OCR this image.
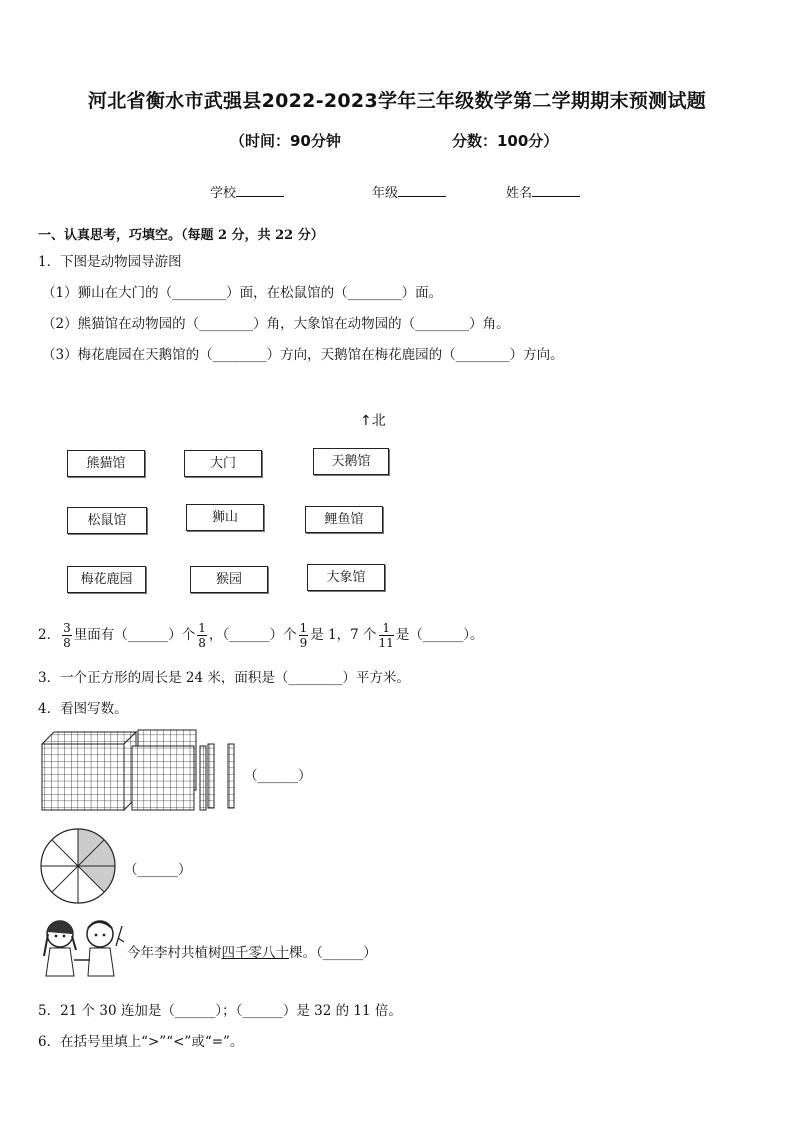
河北省衡水市武强县2022-2023学年三年级数学第二学期期末预测试题
（时间：90分钟	分数：100分）
学校	年级	姓名
一、认真思考，巧填空。（每题 2 分，共 22 分）
1．下图是动物园导游图
（1）狮山在大门的（________）面，在松鼠馆的（________）面。
（2）熊猫馆在动物园的（________）角，大象馆在动物园的（________）角。
（3）梅花鹿园在天鹅馆的（________）方向，天鹅馆在梅花鹿园的（________）方向。
↑北
熊猫馆	大门	天鹅馆
松鼠馆	狮山	鲤鱼馆
梅花鹿园	猴园	大象馆
2． $\frac{3}{8}$ 里面有（______）个 $\frac{1}{8}$ ，（______）个 $\frac{1}{9}$ 是 1，7 个 $\frac{1}{11}$ 是（______）。
3．一个正方形的周长是 24 米，面积是（________）平方米。
4．看图写数。
（______）
（______）
今年李村共植树四千零八十棵。（______）
5．21 个 30 连加是（______）；（______）是 32 的 11 倍。
6．在括号里填上“>”“<”或“=”。
